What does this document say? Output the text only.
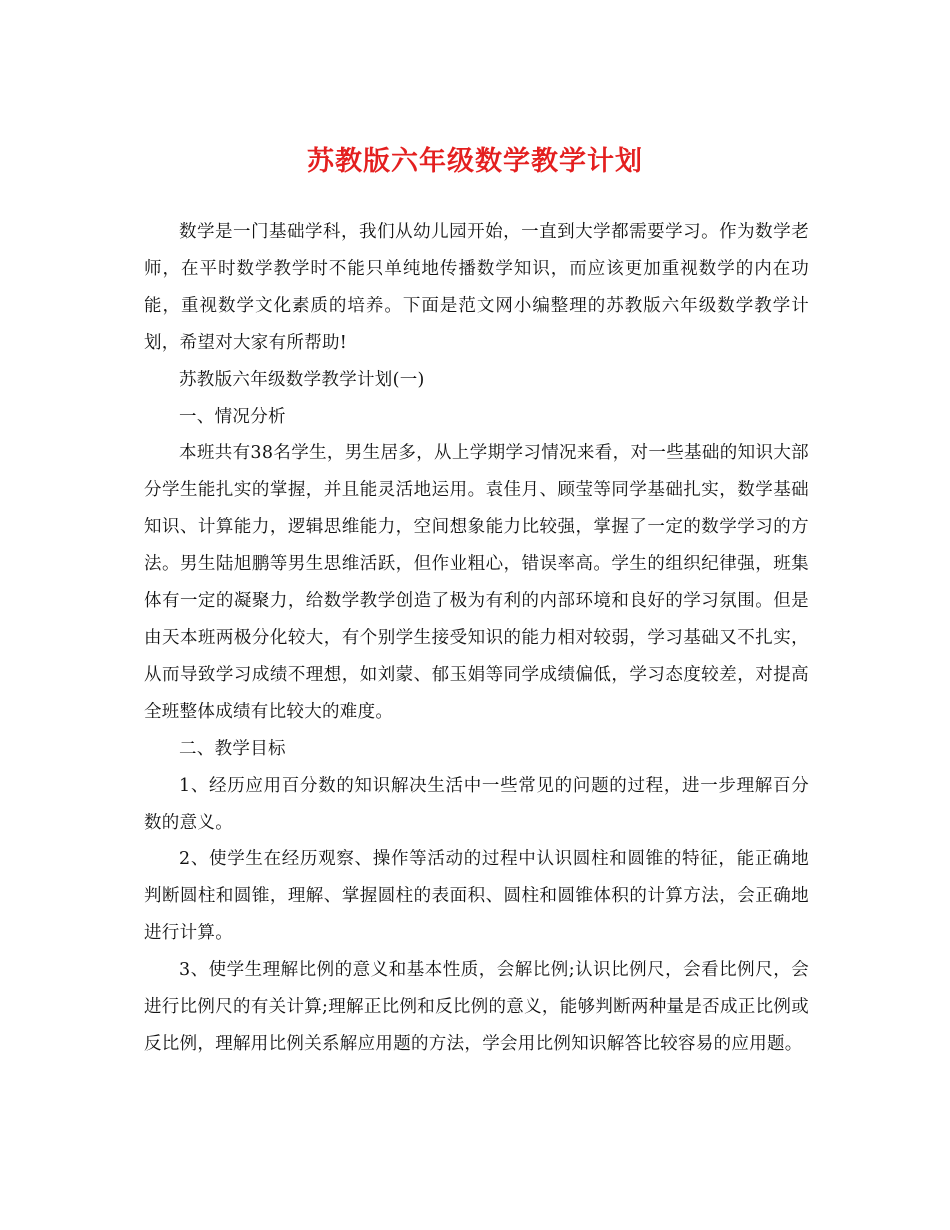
苏教版六年级数学教学计划

数学是一门基础学科，我们从幼儿园开始，一直到大学都需要学习。作为数学老师，在平时数学教学时不能只单纯地传播数学知识，而应该更加重视数学的内在功能，重视数学文化素质的培养。下面是范文网小编整理的苏教版六年级数学教学计划，希望对大家有所帮助!

苏教版六年级数学教学计划(一)

一、情况分析

本班共有38名学生，男生居多，从上学期学习情况来看，对一些基础的知识大部分学生能扎实的掌握，并且能灵活地运用。袁佳月、顾莹等同学基础扎实，数学基础知识、计算能力，逻辑思维能力，空间想象能力比较强，掌握了一定的数学学习的方法。男生陆旭鹏等男生思维活跃，但作业粗心，错误率高。学生的组织纪律强，班集体有一定的凝聚力，给数学教学创造了极为有利的内部环境和良好的学习氛围。但是由天本班两极分化较大，有个别学生接受知识的能力相对较弱，学习基础又不扎实，从而导致学习成绩不理想，如刘蒙、郁玉娟等同学成绩偏低，学习态度较差，对提高全班整体成绩有比较大的难度。

二、教学目标

1、经历应用百分数的知识解决生活中一些常见的问题的过程，进一步理解百分数的意义。

2、使学生在经历观察、操作等活动的过程中认识圆柱和圆锥的特征，能正确地判断圆柱和圆锥，理解、掌握圆柱的表面积、圆柱和圆锥体积的计算方法，会正确地进行计算。

3、使学生理解比例的意义和基本性质，会解比例;认识比例尺，会看比例尺，会进行比例尺的有关计算;理解正比例和反比例的意义，能够判断两种量是否成正比例或反比例，理解用比例关系解应用题的方法，学会用比例知识解答比较容易的应用题。
